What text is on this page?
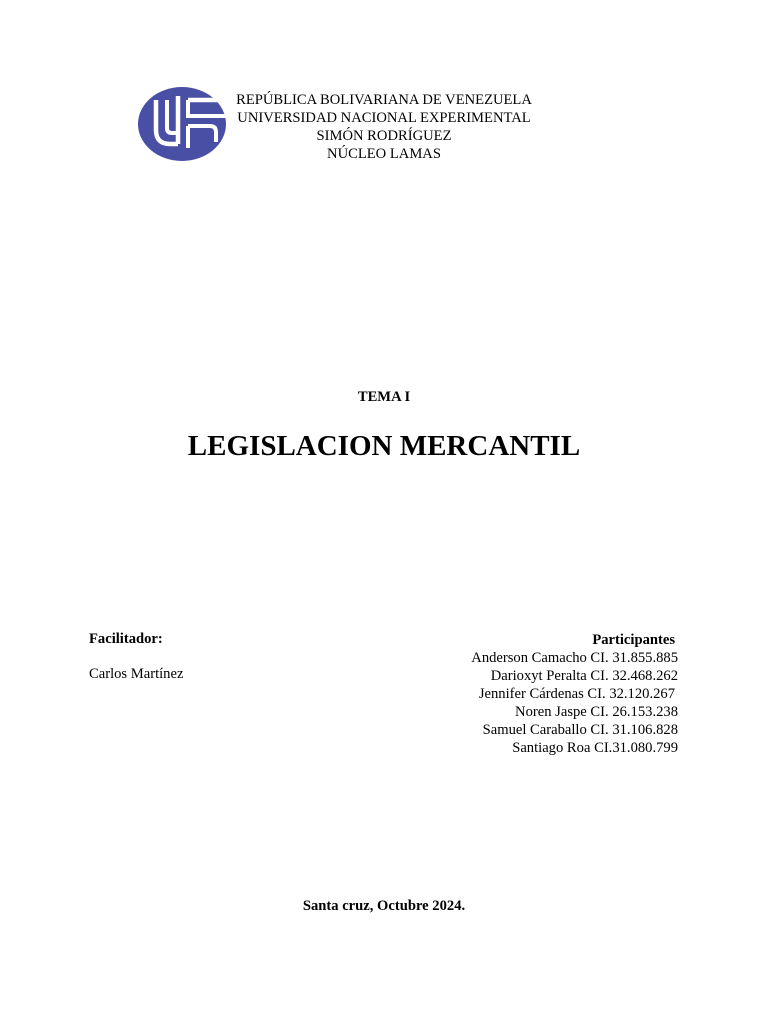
REPÚBLICA BOLIVARIANA DE VENEZUELA
UNIVERSIDAD NACIONAL EXPERIMENTAL
SIMÓN RODRÍGUEZ
NÚCLEO LAMAS
TEMA I
LEGISLACION MERCANTIL
Facilitador:
Carlos Martínez
Participantes
Anderson Camacho CI. 31.855.885
Darioxyt Peralta CI. 32.468.262
Jennifer Cárdenas CI. 32.120.267
Noren Jaspe CI. 26.153.238
Samuel Caraballo CI. 31.106.828
Santiago Roa CI.31.080.799
Santa cruz, Octubre 2024.
